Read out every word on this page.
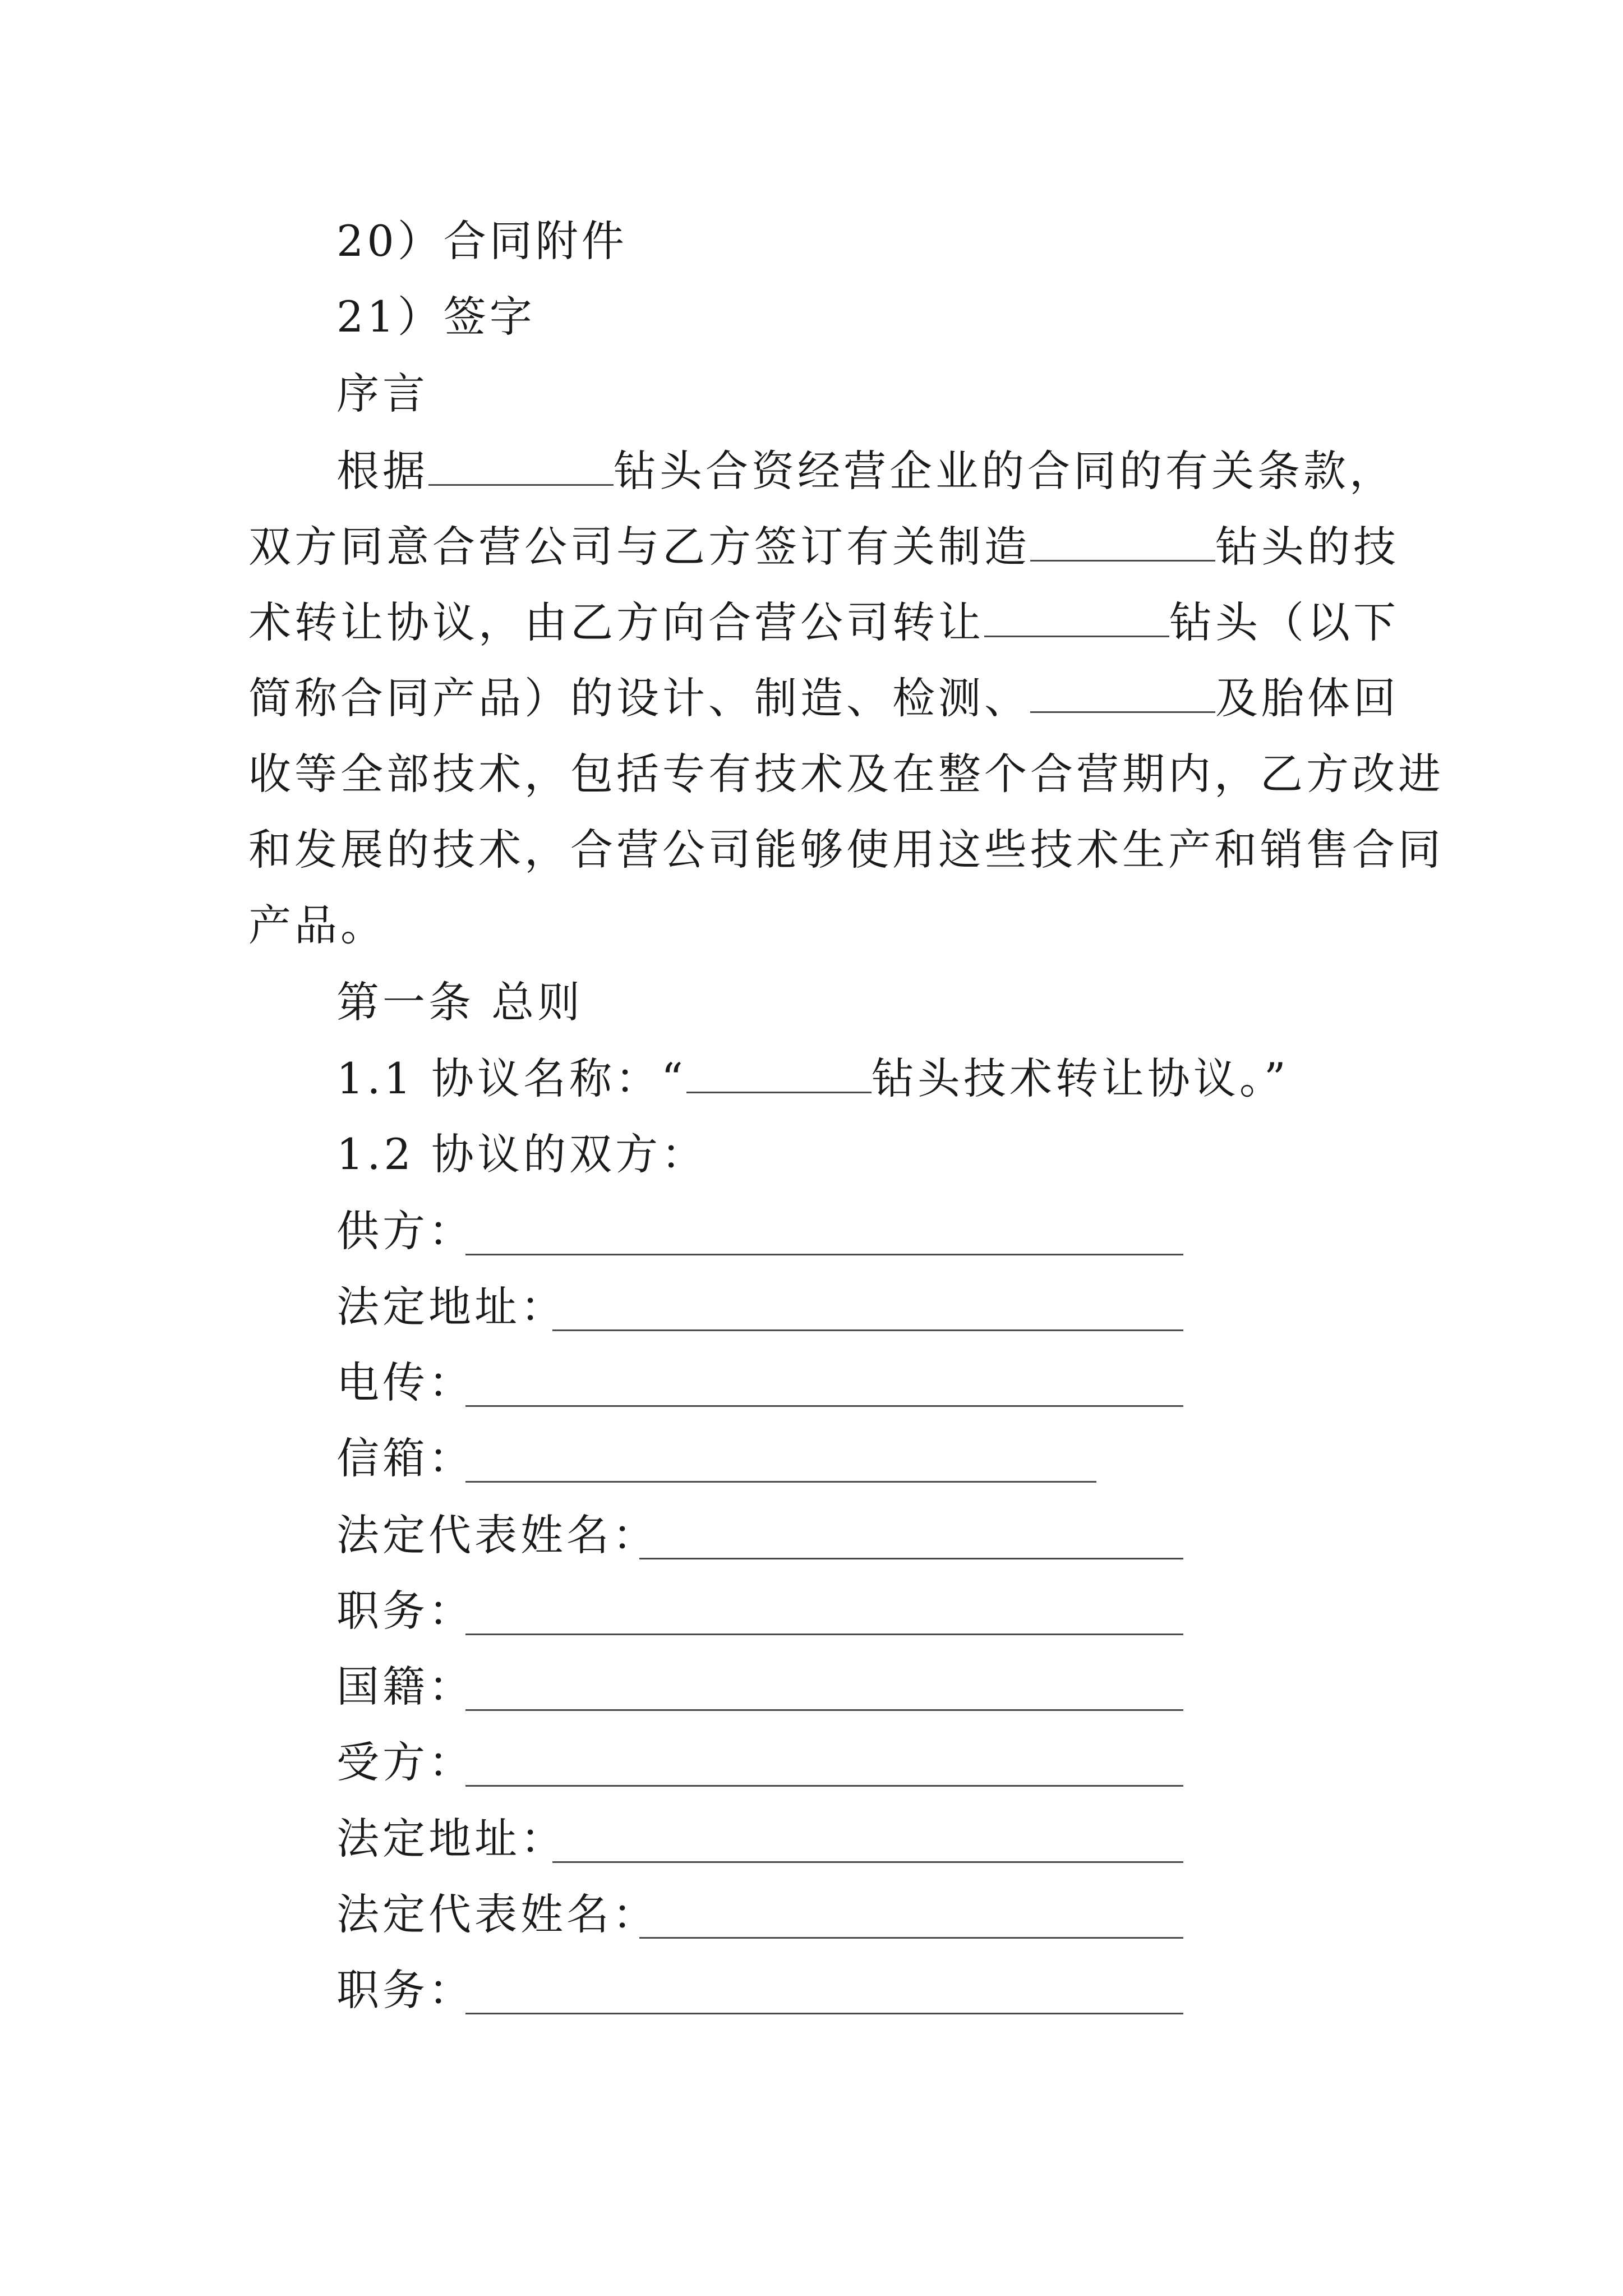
20）合同附件
21）签字
序言
根据	钻头合资经营企业的合同的有关条款，
双方同意合营公司与乙方签订有关制造	钻头的技
术转让协议，由乙方向合营公司转让	钻头（以下
简称合同产品）的设计、制造、检测、	及胎体回
收等全部技术，包括专有技术及在整个合营期内，乙方改进
和发展的技术，合营公司能够使用这些技术生产和销售合同
产品。
第一条 总则
1.1 协议名称：“	钻头技术转让协议。”
1.2 协议的双方：
供方：
法定地址：
电传：
信箱：
法定代表姓名：
职务：
国籍：
受方：
法定地址：
法定代表姓名：
职务：
